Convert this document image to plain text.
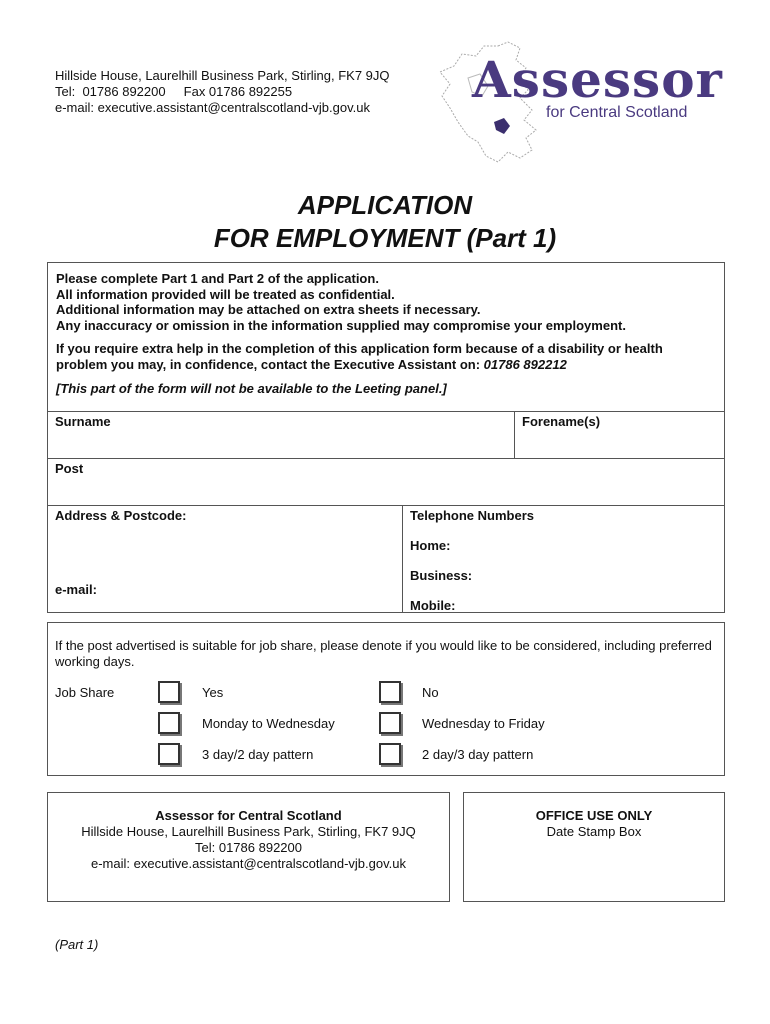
Hillside House, Laurelhill Business Park, Stirling, FK7 9JQ
Tel:  01786 892200     Fax 01786 892255
e-mail: executive.assistant@centralscotland-vjb.gov.uk	Assessor
for Central Scotland
APPLICATION
FOR EMPLOYMENT (Part 1)

Please complete Part 1 and Part 2 of the application.

All information provided will be treated as confidential.

Additional information may be attached on extra sheets if necessary.

Any inaccuracy or omission in the information supplied may compromise your employment.

If you require extra help in the completion of this application form because of a disability or health problem you may, in confidence, contact the Executive Assistant on: 01786 892212

[This part of the form will not be available to the Leeting panel.]

Surname	Forename(s)
Post
Address & Postcode:
e-mail:
Telephone Numbers
Home:
Business:
Mobile:
If the post advertised is suitable for job share, please denote if you would like to be considered, including preferred working days.
Job Share	Yes	No
Monday to Wednesday	Wednesday to Friday
3 day/2 day pattern	2 day/3 day pattern
Assessor for Central Scotland
Hillside House, Laurelhill Business Park, Stirling, FK7 9JQ
Tel: 01786 892200
e-mail: executive.assistant@centralscotland-vjb.gov.uk
OFFICE USE ONLY
Date Stamp Box
(Part 1)
